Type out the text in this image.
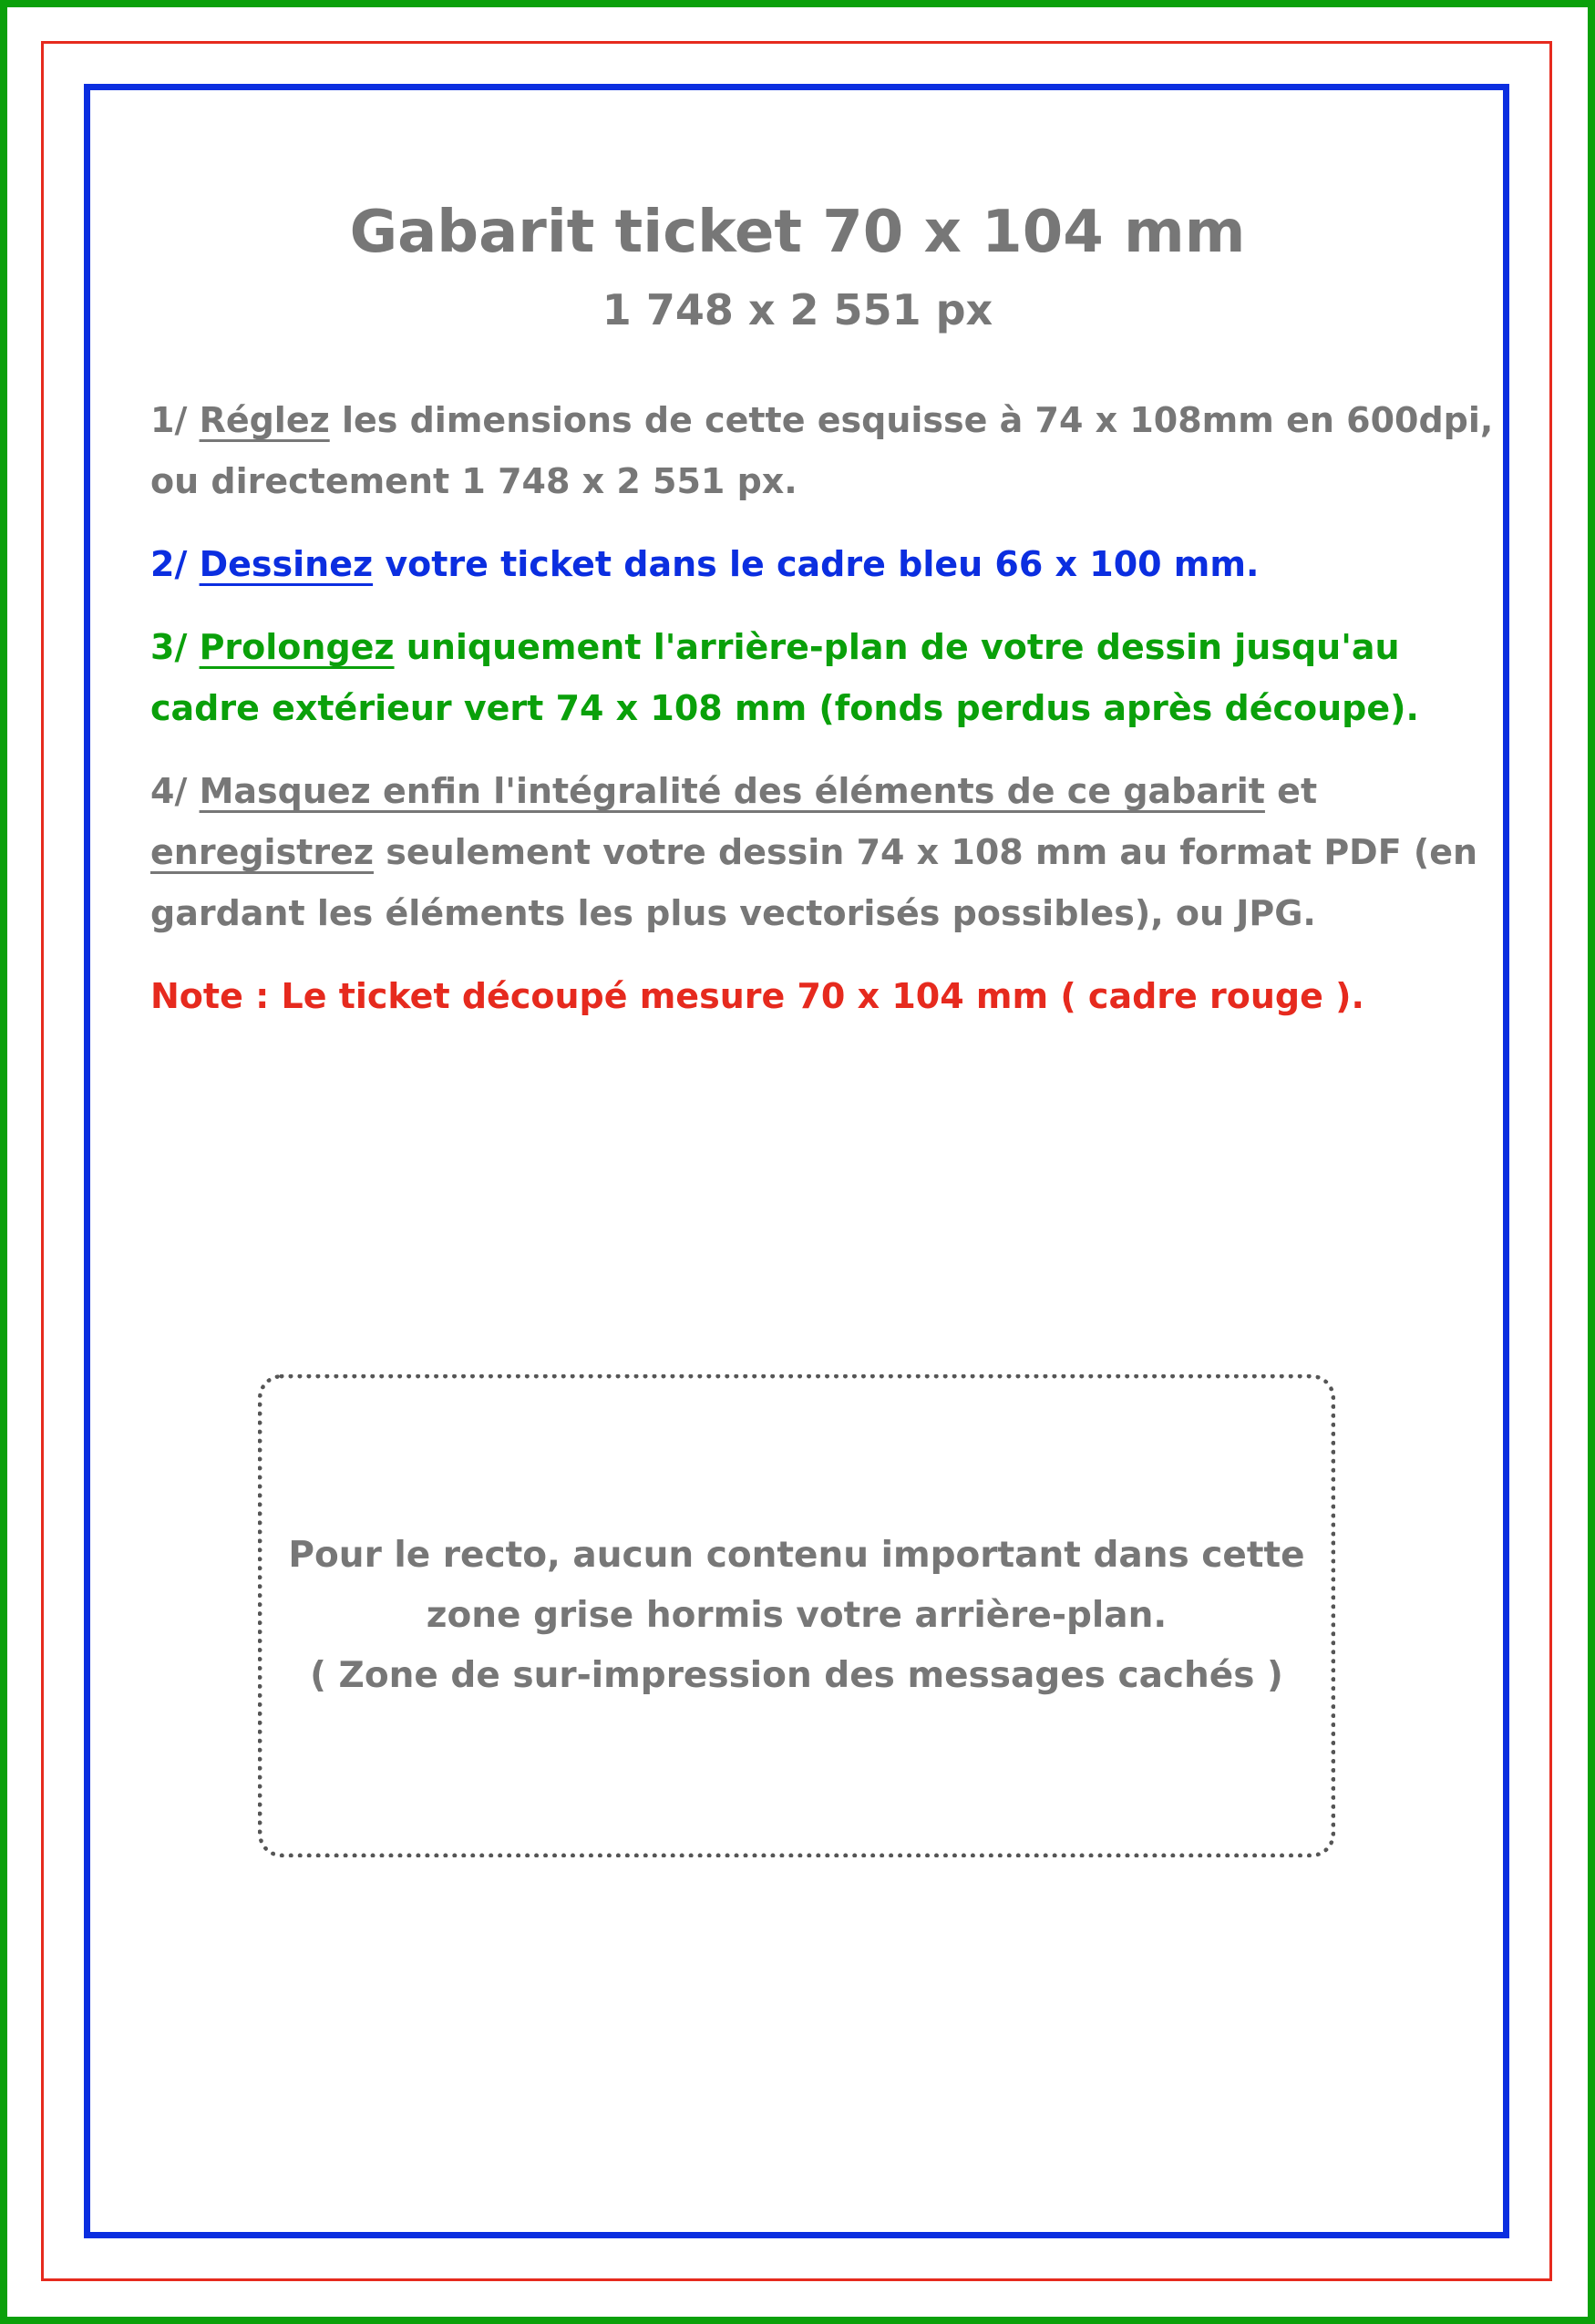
Gabarit ticket 70 x 104 mm
1 748 x 2 551 px

1/ Réglez les dimensions de cette esquisse à 74 x 108mm en 600dpi,
ou directement 1 748 x 2 551 px.

2/ Dessinez votre ticket dans le cadre bleu 66 x 100 mm.

3/ Prolongez uniquement l'arrière-plan de votre dessin jusqu'au
cadre extérieur vert 74 x 108 mm (fonds perdus après découpe).

4/ Masquez enfin l'intégralité des éléments de ce gabarit et
enregistrez seulement votre dessin 74 x 108 mm au format PDF (en
gardant les éléments les plus vectorisés possibles), ou JPG.

Note : Le ticket découpé mesure 70 x 104 mm ( cadre rouge ).

Pour le recto, aucun contenu important dans cette
zone grise hormis votre arrière-plan.
( Zone de sur-impression des messages cachés )
